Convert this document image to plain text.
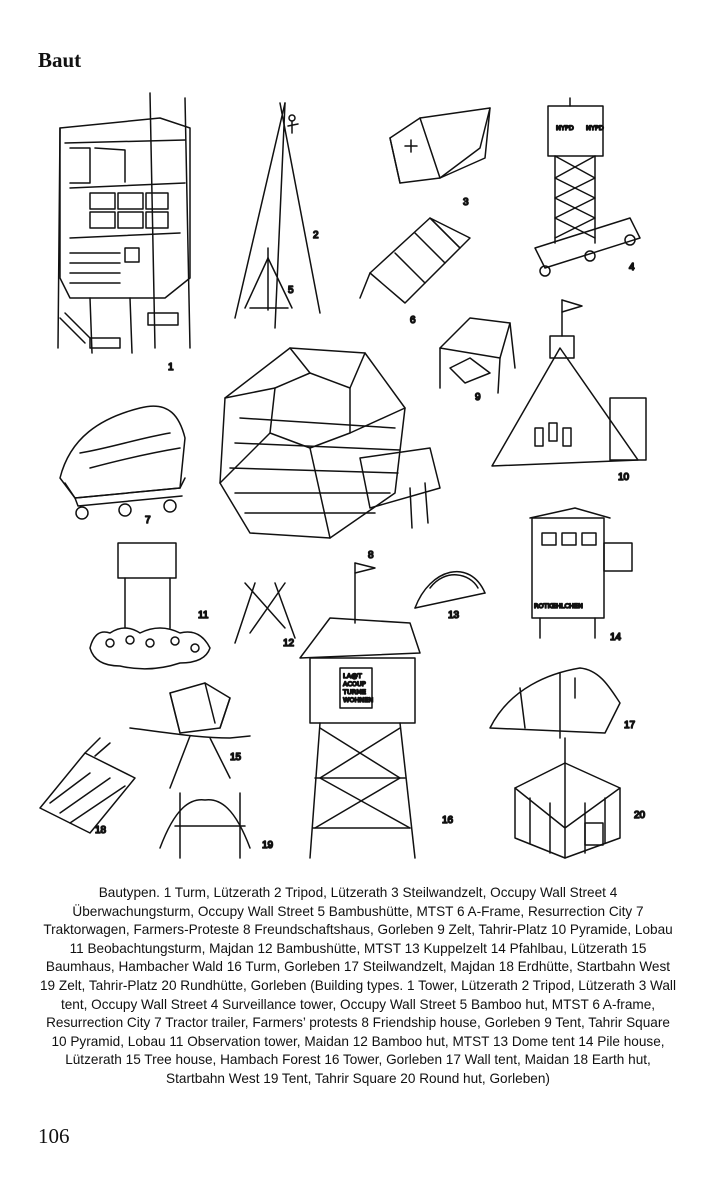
Baut
1
2
3
NYPD NYPD
4
5
6
7
8
9
10
11
12
13
ROTKEHLCHEN
14
15
LA@T
ACOUP
TURME
WOHNEN
16
17
18
19
20
Bautypen. 1 Turm, Lützerath 2 Tripod, Lützerath 3 Steilwandzelt, Occupy Wall Street 4 Überwachungsturm, Occupy Wall Street 5 Bambushütte, MTST 6 A-Frame, Resurrection City 7 Traktorwagen, Farmers-Proteste 8 Freundschaftshaus, Gorleben 9 Zelt, Tahrir-Platz 10 Pyramide, Lobau 11 Beobachtungsturm, Majdan 12 Bambushütte, MTST 13 Kuppelzelt 14 Pfahlbau, Lützerath 15 Baumhaus, Hambacher Wald 16 Turm, Gorleben 17 Steilwandzelt, Majdan 18 Erdhütte, Startbahn West 19 Zelt, Tahrir-Platz 20 Rundhütte, Gorleben (Building types. 1 Tower, Lützerath 2 Tripod, Lützerath 3 Wall tent, Occupy Wall Street 4 Surveillance tower, Occupy Wall Street 5 Bamboo hut, MTST 6 A-frame, Resurrection City 7 Tractor trailer, Farmers’ protests 8 Friendship house, Gorleben 9 Tent, Tahrir Square 10 Pyramid, Lobau 11 Observation tower, Maidan 12 Bamboo hut, MTST 13 Dome tent 14 Pile house, Lützerath 15 Tree house, Hambach Forest 16 Tower, Gorleben 17 Wall tent, Maidan 18 Earth hut, Startbahn West 19 Tent, Tahrir Square 20 Round hut, Gorleben)
106
